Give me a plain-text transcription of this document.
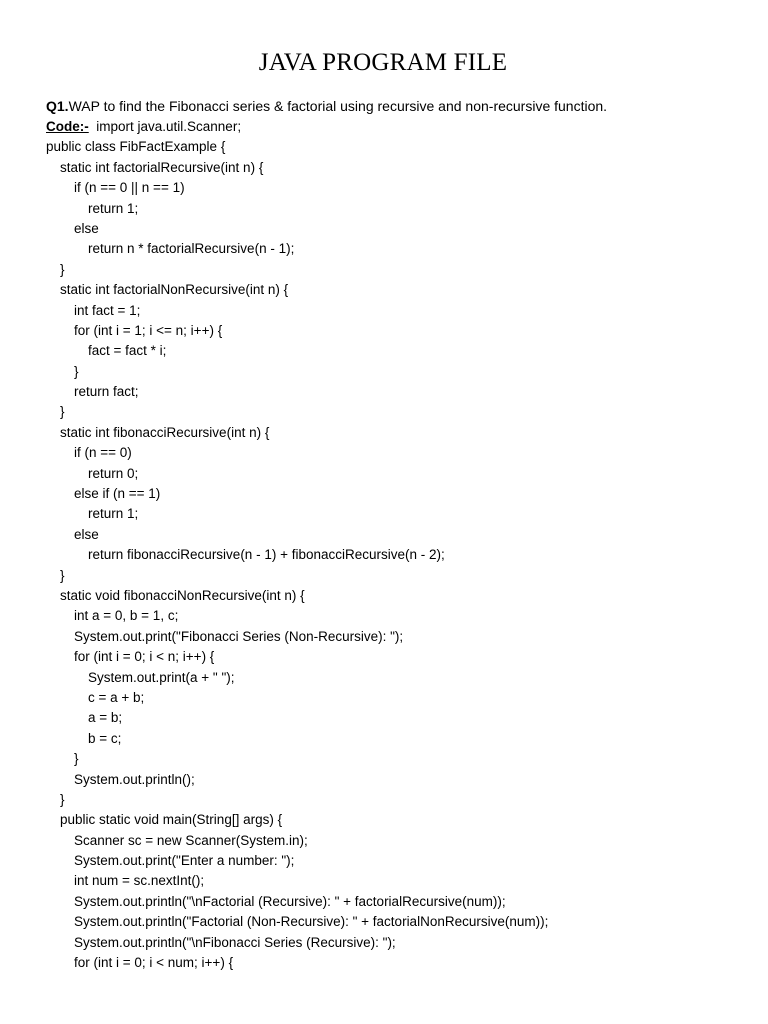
JAVA PROGRAM FILE
Q1.WAP to find the Fibonacci series & factorial using recursive and non-recursive function.
Code:-  import java.util.Scanner;
public class FibFactExample {
static int factorialRecursive(int n) {
if (n == 0 || n == 1)
return 1;
else
return n * factorialRecursive(n - 1);
}
static int factorialNonRecursive(int n) {
int fact = 1;
for (int i = 1; i <= n; i++) {
fact = fact * i;
}
return fact;
}
static int fibonacciRecursive(int n) {
if (n == 0)
return 0;
else if (n == 1)
return 1;
else
return fibonacciRecursive(n - 1) + fibonacciRecursive(n - 2);
}
static void fibonacciNonRecursive(int n) {
int a = 0, b = 1, c;
System.out.print("Fibonacci Series (Non-Recursive): ");
for (int i = 0; i < n; i++) {
System.out.print(a + " ");
c = a + b;
a = b;
b = c;
}
System.out.println();
}
public static void main(String[] args) {
Scanner sc = new Scanner(System.in);
System.out.print("Enter a number: ");
int num = sc.nextInt();
System.out.println("\nFactorial (Recursive): " + factorialRecursive(num));
System.out.println("Factorial (Non-Recursive): " + factorialNonRecursive(num));
System.out.println("\nFibonacci Series (Recursive): ");
for (int i = 0; i < num; i++) {
